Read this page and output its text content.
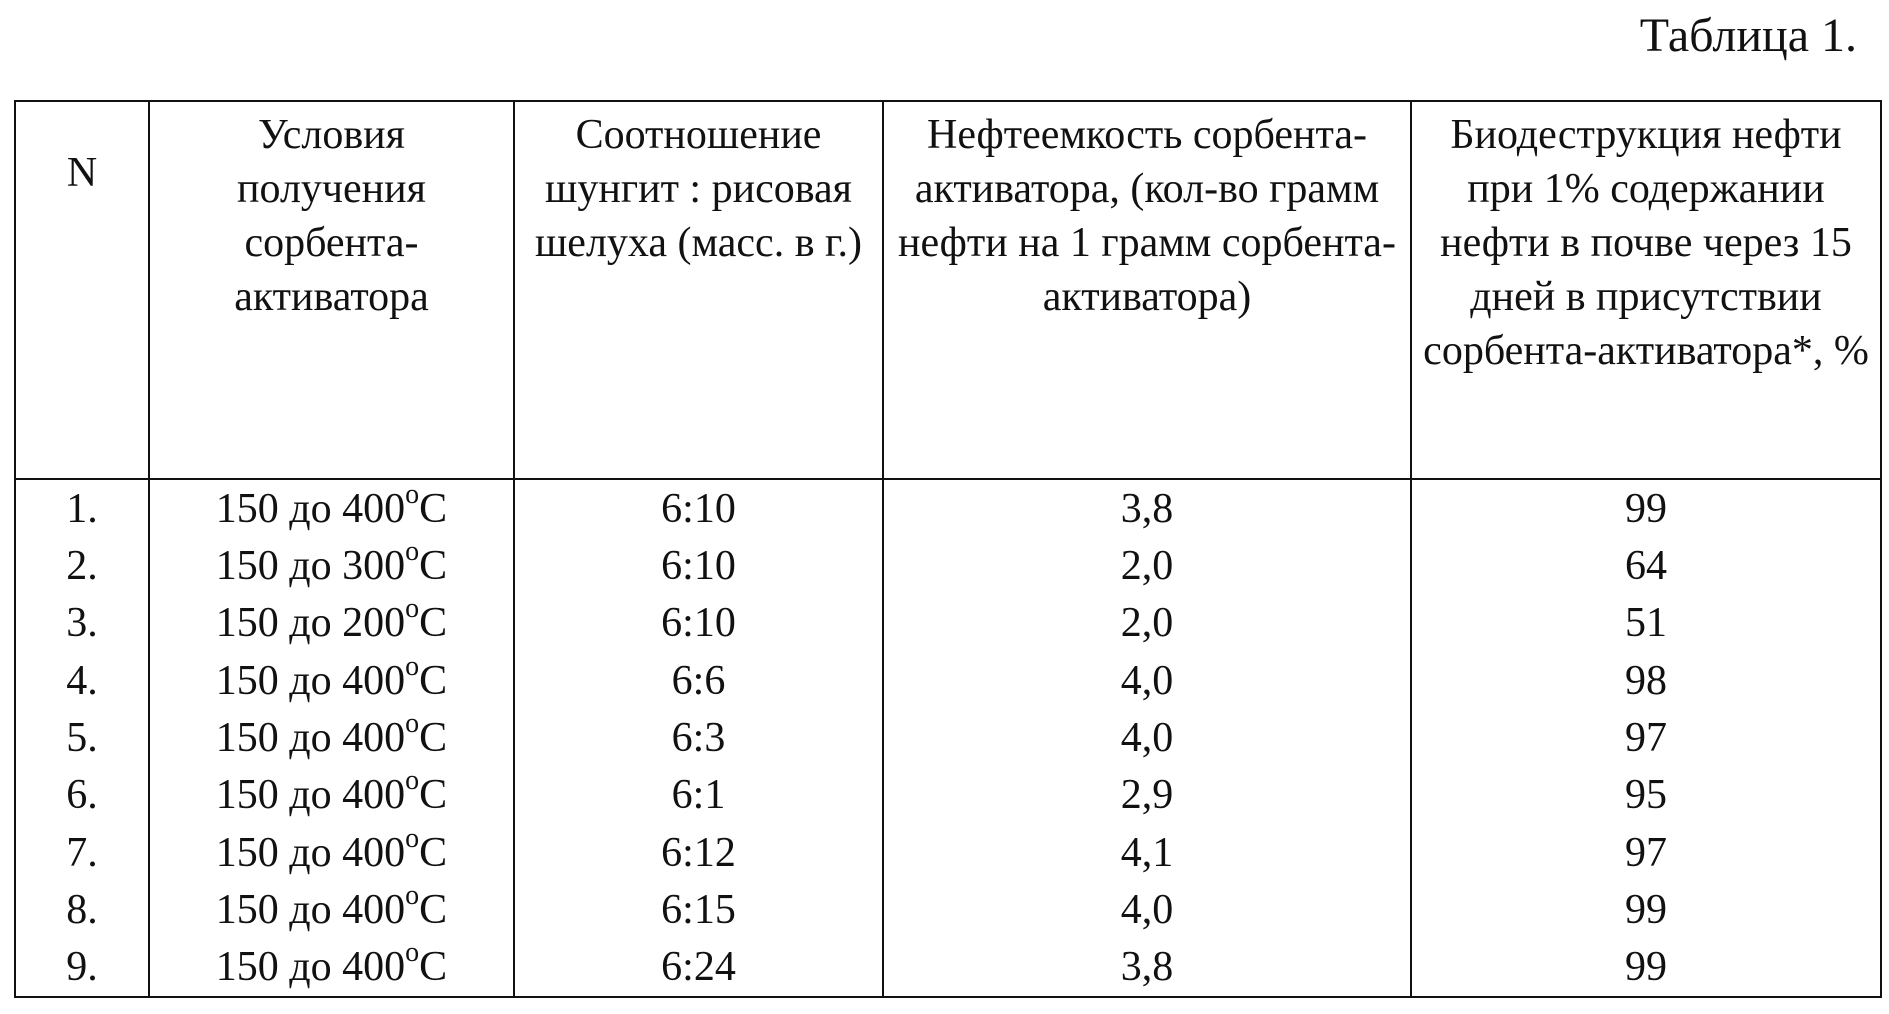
Таблица 1.
N	Условия получения сорбента-активатора	Соотношение шунгит : рисовая шелуха (масс. в г.)	Нефтеемкость сорбента-активатора, (кол-во грамм нефти на 1 грамм сорбента-активатора)	Биодеструкция нефти при 1% содержании нефти в почве через 15 дней в присутствии сорбента-активатора*, %
1.	150 до 400$^o$C	6:10	3,8	99
2.	150 до 300$^o$C	6:10	2,0	64
3.	150 до 200$^o$C	6:10	2,0	51
4.	150 до 400$^o$C	6:6	4,0	98
5.	150 до 400$^o$C	6:3	4,0	97
6.	150 до 400$^o$C	6:1	2,9	95
7.	150 до 400$^o$C	6:12	4,1	97
8.	150 до 400$^o$C	6:15	4,0	99
9.	150 до 400$^o$C	6:24	3,8	99
